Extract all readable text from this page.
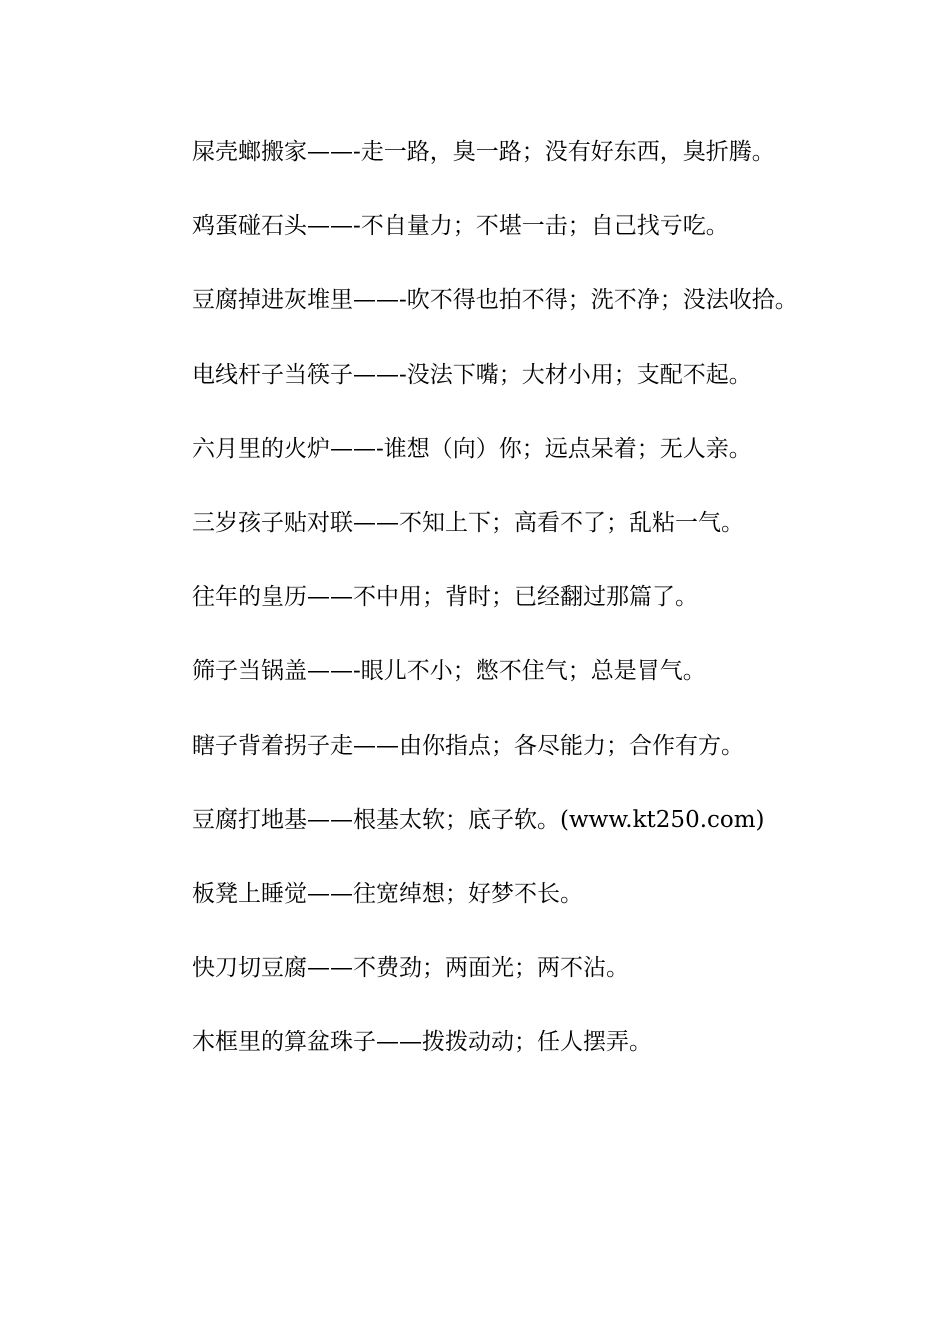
屎壳螂搬家——-走一路，臭一路；没有好东西，臭折腾。
鸡蛋碰石头——-不自量力；不堪一击；自己找亏吃。
豆腐掉进灰堆里——-吹不得也拍不得；洗不净；没法收拾。
电线杆子当筷子——-没法下嘴；大材小用；支配不起。
六月里的火炉——-谁想（向）你；远点呆着；无人亲。
三岁孩子贴对联——不知上下；高看不了；乱粘一气。
往年的皇历——不中用；背时；已经翻过那篇了。
筛子当锅盖——-眼儿不小；憋不住气；总是冒气。
瞎子背着拐子走——由你指点；各尽能力；合作有方。
豆腐打地基——根基太软；底子软。(www.kt250.com)
板凳上睡觉——往宽绰想；好梦不长。
快刀切豆腐——不费劲；两面光；两不沾。
木框里的算盆珠子——拨拨动动；任人摆弄。
